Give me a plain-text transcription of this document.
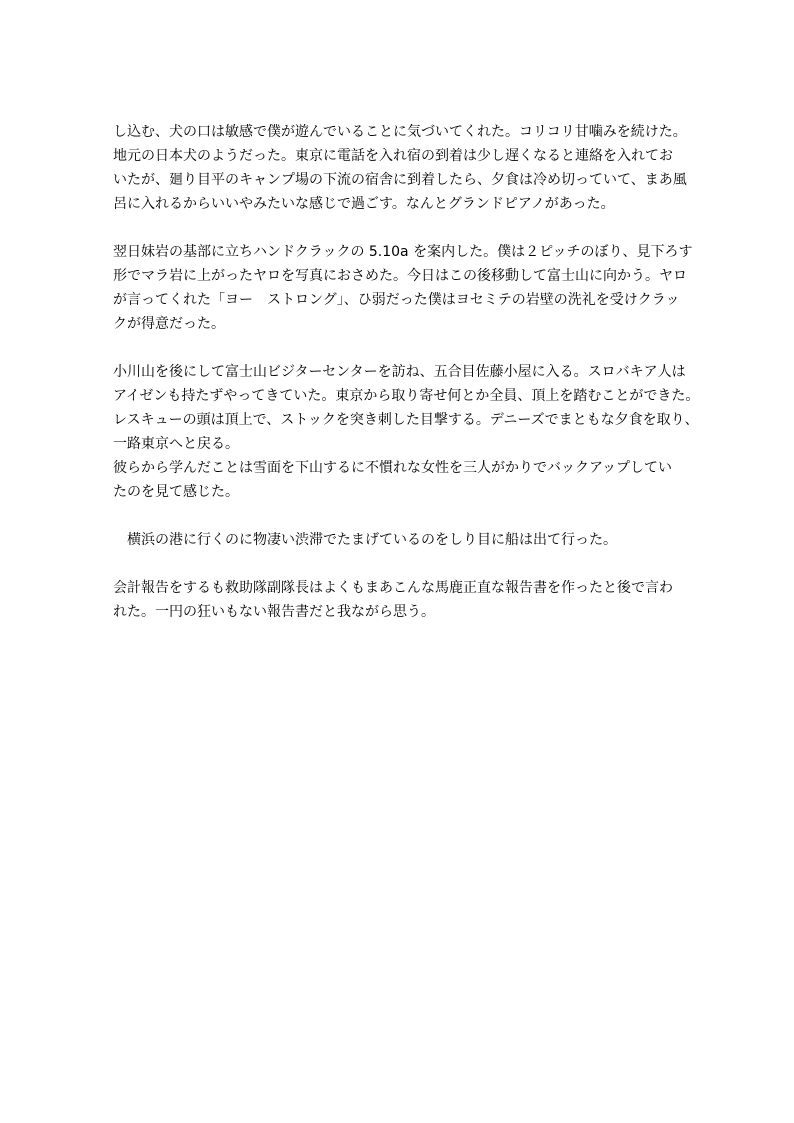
し込む、犬の口は敏感で僕が遊んでいることに気づいてくれた。コリコリ甘噛みを続けた。
地元の日本犬のようだった。東京に電話を入れ宿の到着は少し遅くなると連絡を入れてお
いたが、廻り目平のキャンプ場の下流の宿舎に到着したら、夕食は冷め切っていて、まあ風
呂に入れるからいいやみたいな感じで過ごす。なんとグランドピアノがあった。
翌日妹岩の基部に立ちハンドクラックの 5.10a を案内した。僕は２ピッチのぼり、見下ろす
形でマラ岩に上がったヤロを写真におさめた。今日はこの後移動して富士山に向かう。ヤロ
が言ってくれた「ヨー　ストロング」、ひ弱だった僕はヨセミテの岩壁の洗礼を受けクラッ
クが得意だった。
小川山を後にして富士山ビジターセンターを訪ね、五合目佐藤小屋に入る。スロバキア人は
アイゼンも持たずやってきていた。東京から取り寄せ何とか全員、頂上を踏むことができた。
レスキューの頭は頂上で、ストックを突き刺した目撃する。デニーズでまともな夕食を取り、
一路東京へと戻る。
彼らから学んだことは雪面を下山するに不慣れな女性を三人がかりでバックアップしてい
たのを見て感じた。
　横浜の港に行くのに物凄い渋滞でたまげているのをしり目に船は出て行った。
会計報告をするも救助隊副隊長はよくもまあこんな馬鹿正直な報告書を作ったと後で言わ
れた。一円の狂いもない報告書だと我ながら思う。
